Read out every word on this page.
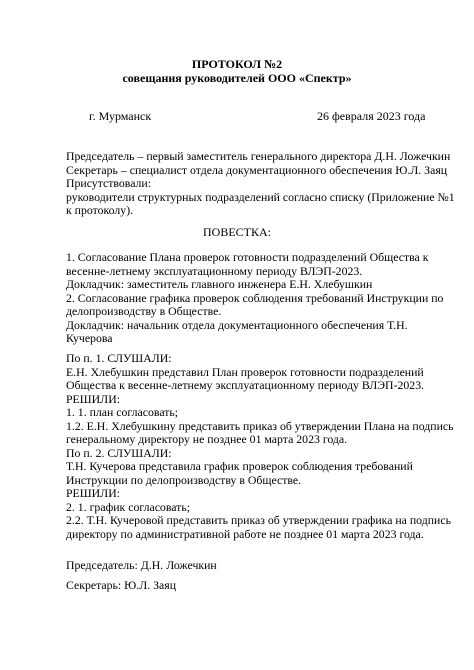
ПРОТОКОЛ №2
совещания руководителей ООО «Спектр»
г. Мурманск	26 февраля 2023 года
Председатель – первый заместитель генерального директора Д.Н. Ложечкин
Секретарь – специалист отдела документационного обеспечения Ю.Л. Заяц
Присутствовали:
руководители структурных подразделений согласно списку (Приложение №1
к протоколу).
ПОВЕСТКА:
1. Согласование Плана проверок готовности подразделений Общества к
весенне-летнему эксплуатационному периоду ВЛЭП-2023.
Докладчик: заместитель главного инженера Е.Н. Хлебушкин
2. Согласование графика проверок соблюдения требований Инструкции по
делопроизводству в Обществе.
Докладчик: начальник отдела документационного обеспечения Т.Н.
Кучерова
По п. 1. СЛУШАЛИ:
Е.Н. Хлебушкин представил План проверок готовности подразделений
Общества к весенне-летнему эксплуатационному периоду ВЛЭП-2023.
РЕШИЛИ:
1. 1. план согласовать;
1.2. Е.Н. Хлебушкину представить приказ об утверждении Плана на подпись
генеральному директору не позднее 01 марта 2023 года.
По п. 2. СЛУШАЛИ:
Т.Н. Кучерова представила график проверок соблюдения требований
Инструкции по делопроизводству в Обществе.
РЕШИЛИ:
2. 1. график согласовать;
2.2. Т.Н. Кучеровой представить приказ об утверждении графика на подпись
директору по административной работе не позднее 01 марта 2023 года.
Председатель: Д.Н. Ложечкин
Секретарь: Ю.Л. Заяц
